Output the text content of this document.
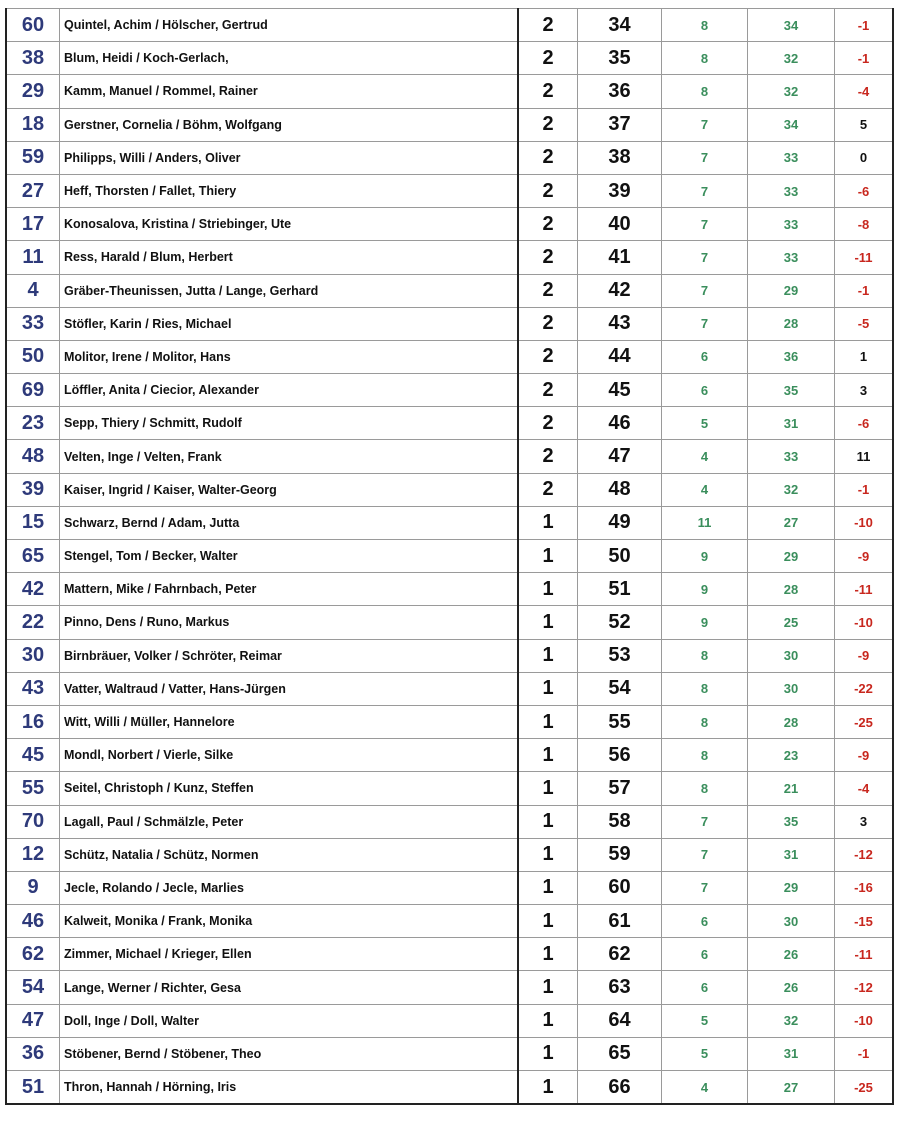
60	Quintel, Achim / Hölscher, Gertrud	2	34	8	34	-1
38	Blum, Heidi / Koch-Gerlach,	2	35	8	32	-1
29	Kamm, Manuel / Rommel, Rainer	2	36	8	32	-4
18	Gerstner, Cornelia / Böhm, Wolfgang	2	37	7	34	5
59	Philipps, Willi / Anders, Oliver	2	38	7	33	0
27	Heff, Thorsten / Fallet, Thiery	2	39	7	33	-6
17	Konosalova, Kristina / Striebinger, Ute	2	40	7	33	-8
11	Ress, Harald / Blum, Herbert	2	41	7	33	-11
4	Gräber-Theunissen, Jutta / Lange, Gerhard	2	42	7	29	-1
33	Stöfler, Karin / Ries, Michael	2	43	7	28	-5
50	Molitor, Irene / Molitor, Hans	2	44	6	36	1
69	Löffler, Anita / Ciecior, Alexander	2	45	6	35	3
23	Sepp, Thiery / Schmitt, Rudolf	2	46	5	31	-6
48	Velten, Inge / Velten, Frank	2	47	4	33	11
39	Kaiser, Ingrid / Kaiser, Walter-Georg	2	48	4	32	-1
15	Schwarz, Bernd / Adam, Jutta	1	49	11	27	-10
65	Stengel, Tom / Becker, Walter	1	50	9	29	-9
42	Mattern, Mike / Fahrnbach, Peter	1	51	9	28	-11
22	Pinno, Dens / Runo, Markus	1	52	9	25	-10
30	Birnbräuer, Volker / Schröter, Reimar	1	53	8	30	-9
43	Vatter, Waltraud / Vatter, Hans-Jürgen	1	54	8	30	-22
16	Witt, Willi / Müller, Hannelore	1	55	8	28	-25
45	Mondl, Norbert / Vierle, Silke	1	56	8	23	-9
55	Seitel, Christoph / Kunz, Steffen	1	57	8	21	-4
70	Lagall, Paul / Schmälzle, Peter	1	58	7	35	3
12	Schütz, Natalia / Schütz, Normen	1	59	7	31	-12
9	Jecle, Rolando / Jecle, Marlies	1	60	7	29	-16
46	Kalweit, Monika / Frank, Monika	1	61	6	30	-15
62	Zimmer, Michael / Krieger, Ellen	1	62	6	26	-11
54	Lange, Werner / Richter, Gesa	1	63	6	26	-12
47	Doll, Inge / Doll, Walter	1	64	5	32	-10
36	Stöbener, Bernd / Stöbener, Theo	1	65	5	31	-1
51	Thron, Hannah / Hörning, Iris	1	66	4	27	-25
